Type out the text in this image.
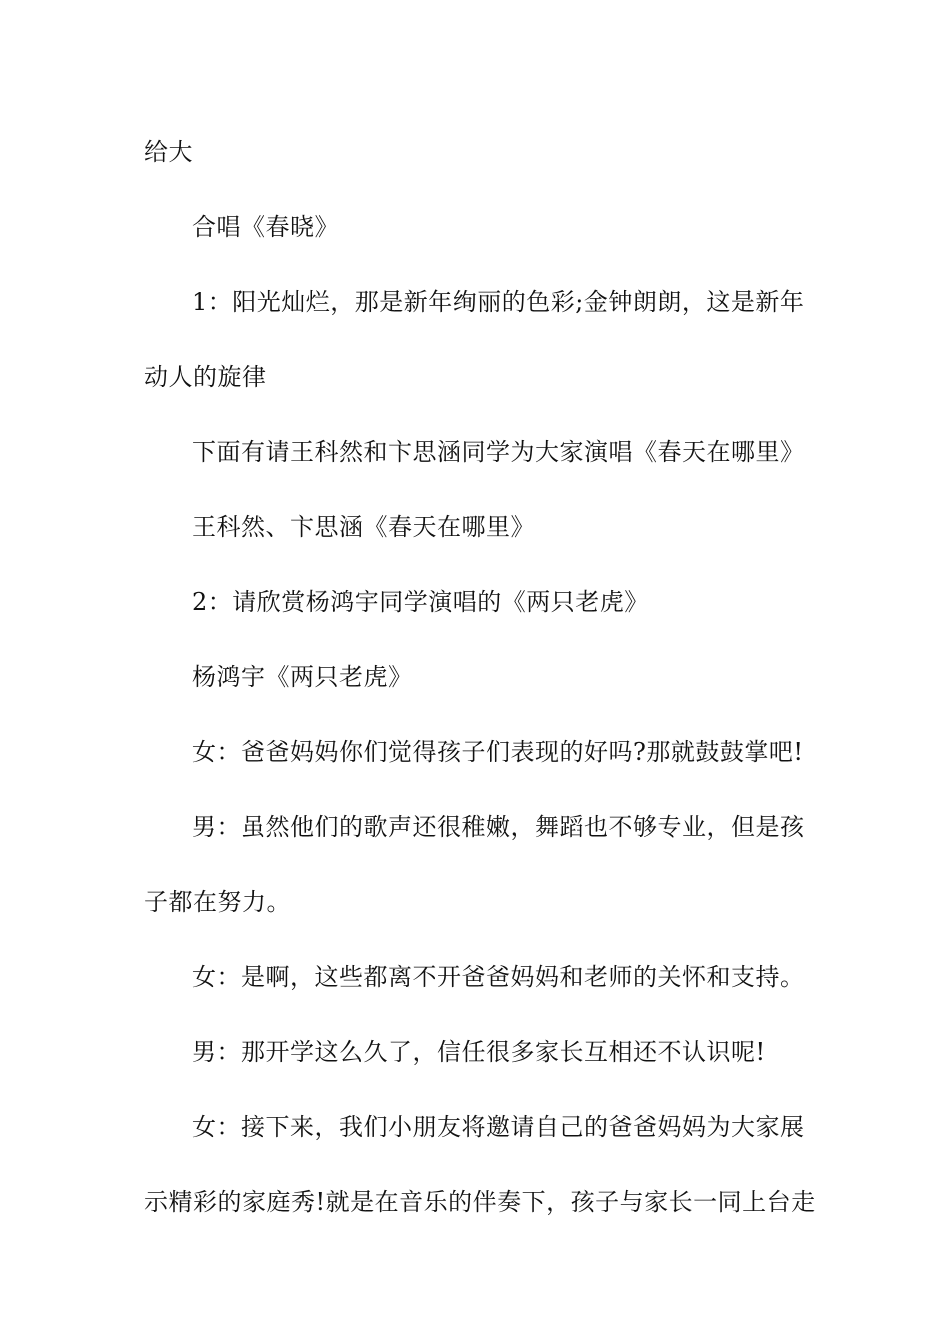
给大
合唱《春晓》
1：阳光灿烂，那是新年绚丽的色彩;金钟朗朗，这是新年
动人的旋律
下面有请王科然和卞思涵同学为大家演唱《春天在哪里》
王科然、卞思涵《春天在哪里》
2：请欣赏杨鸿宇同学演唱的《两只老虎》
杨鸿宇《两只老虎》
女：爸爸妈妈你们觉得孩子们表现的好吗?那就鼓鼓掌吧!
男：虽然他们的歌声还很稚嫩，舞蹈也不够专业，但是孩
子都在努力。
女：是啊，这些都离不开爸爸妈妈和老师的关怀和支持。
男：那开学这么久了，信任很多家长互相还不认识呢!
女：接下来，我们小朋友将邀请自己的爸爸妈妈为大家展
示精彩的家庭秀!就是在音乐的伴奏下，孩子与家长一同上台走
